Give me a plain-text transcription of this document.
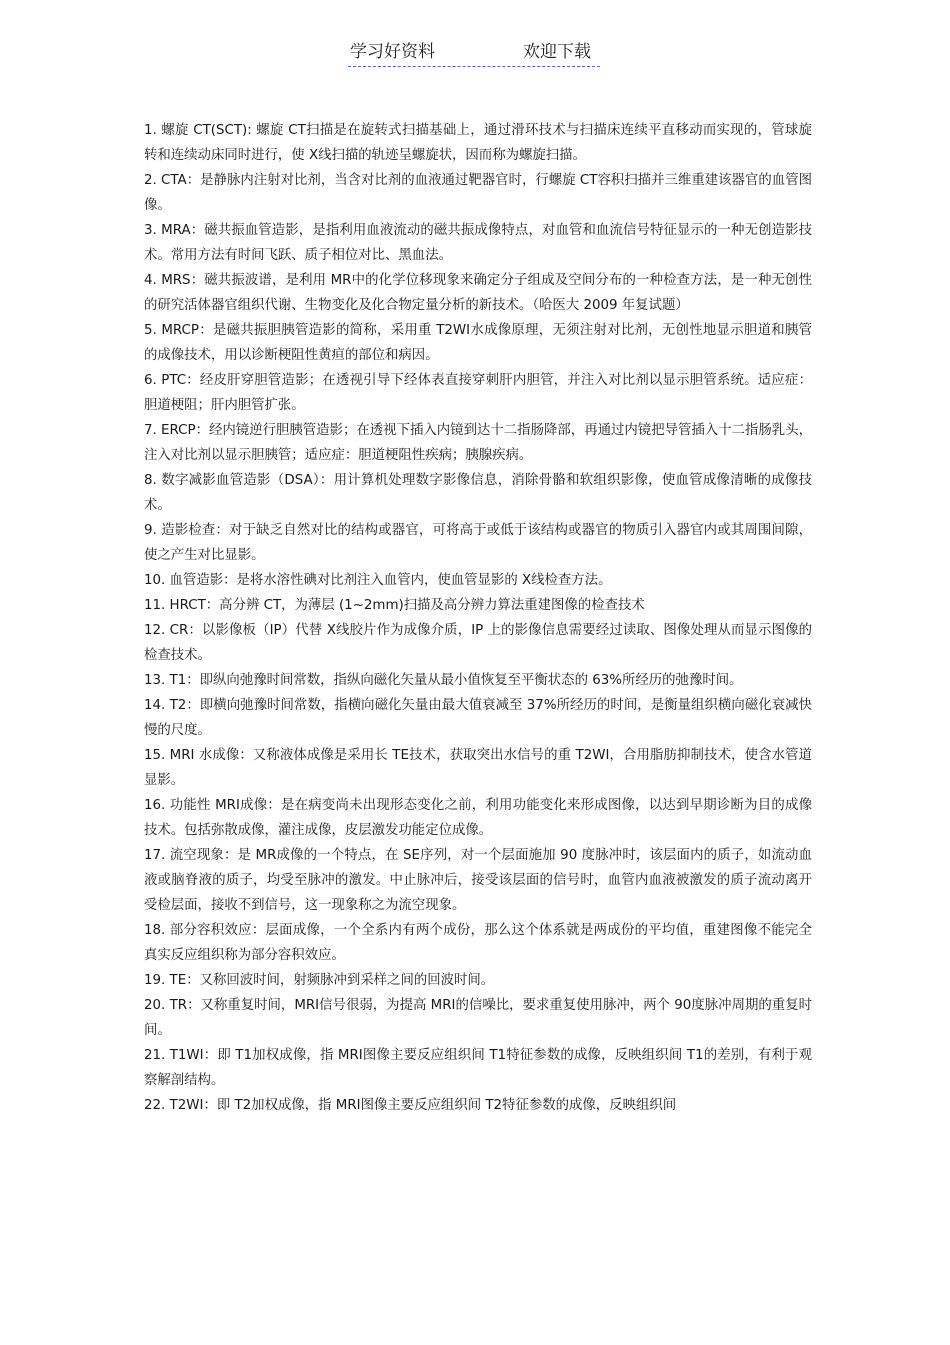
学习好资料	欢迎下载

1. 螺旋 CT(SCT): 螺旋 CT扫描是在旋转式扫描基础上，通过滑环技术与扫描床连续平直移动而实现的，管球旋转和连续动床同时进行，使 X线扫描的轨迹呈螺旋状，因而称为螺旋扫描。

2. CTA：是静脉内注射对比剂，当含对比剂的血液通过靶器官时，行螺旋 CT容积扫描并三维重建该器官的血管图像。

3. MRA：磁共振血管造影，是指利用血液流动的磁共振成像特点，对血管和血流信号特征显示的一种无创造影技术。常用方法有时间飞跃、质子相位对比、黑血法。

4. MRS：磁共振波谱，是利用 MR中的化学位移现象来确定分子组成及空间分布的一种检查方法，是一种无创性的研究活体器官组织代谢、生物变化及化合物定量分析的新技术。（哈医大 2009 年复试题）

5. MRCP：是磁共振胆胰管造影的简称，采用重 T2WI水成像原理，无须注射对比剂，无创性地显示胆道和胰管的成像技术，用以诊断梗阻性黄疸的部位和病因。

6. PTC：经皮肝穿胆管造影；在透视引导下经体表直接穿刺肝内胆管，并注入对比剂以显示胆管系统。适应症：胆道梗阻；肝内胆管扩张。

7. ERCP：经内镜逆行胆胰管造影；在透视下插入内镜到达十二指肠降部，再通过内镜把导管插入十二指肠乳头，注入对比剂以显示胆胰管；适应症：胆道梗阻性疾病；胰腺疾病。

8. 数字减影血管造影（DSA）：用计算机处理数字影像信息，消除骨骼和软组织影像，使血管成像清晰的成像技术。

9. 造影检查：对于缺乏自然对比的结构或器官，可将高于或低于该结构或器官的物质引入器官内或其周围间隙，使之产生对比显影。

10. 血管造影：是将水溶性碘对比剂注入血管内，使血管显影的 X线检查方法。

11. HRCT：高分辨 CT，为薄层 (1~2mm)扫描及高分辨力算法重建图像的检查技术

12. CR：以影像板（IP）代替 X线胶片作为成像介质，IP 上的影像信息需要经过读取、图像处理从而显示图像的检查技术。

13. T1：即纵向弛豫时间常数，指纵向磁化矢量从最小值恢复至平衡状态的 63%所经历的弛豫时间。

14. T2：即横向弛豫时间常数，指横向磁化矢量由最大值衰减至 37%所经历的时间，是衡量组织横向磁化衰减快慢的尺度。

15. MRI 水成像：又称液体成像是采用长 TE技术，获取突出水信号的重 T2WI，合用脂肪抑制技术，使含水管道显影。

16. 功能性 MRI成像：是在病变尚未出现形态变化之前，利用功能变化来形成图像，以达到早期诊断为目的成像技术。包括弥散成像，灌注成像，皮层激发功能定位成像。

17. 流空现象：是 MR成像的一个特点，在 SE序列，对一个层面施加 90 度脉冲时，该层面内的质子，如流动血液或脑脊液的质子，均受至脉冲的激发。中止脉冲后，接受该层面的信号时，血管内血液被激发的质子流动离开受检层面，接收不到信号，这一现象称之为流空现象。

18. 部分容积效应：层面成像，一个全系内有两个成份，那么这个体系就是两成份的平均值，重建图像不能完全真实反应组织称为部分容积效应。

19. TE：又称回波时间，射频脉冲到采样之间的回波时间。

20. TR：又称重复时间，MRI信号很弱，为提高 MRI的信噪比，要求重复使用脉冲，两个 90度脉冲周期的重复时间。

21. T1WI：即 T1加权成像，指 MRI图像主要反应组织间 T1特征参数的成像，反映组织间 T1的差别，有利于观察解剖结构。

22. T2WI：即 T2加权成像，指 MRI图像主要反应组织间 T2特征参数的成像，反映组织间
